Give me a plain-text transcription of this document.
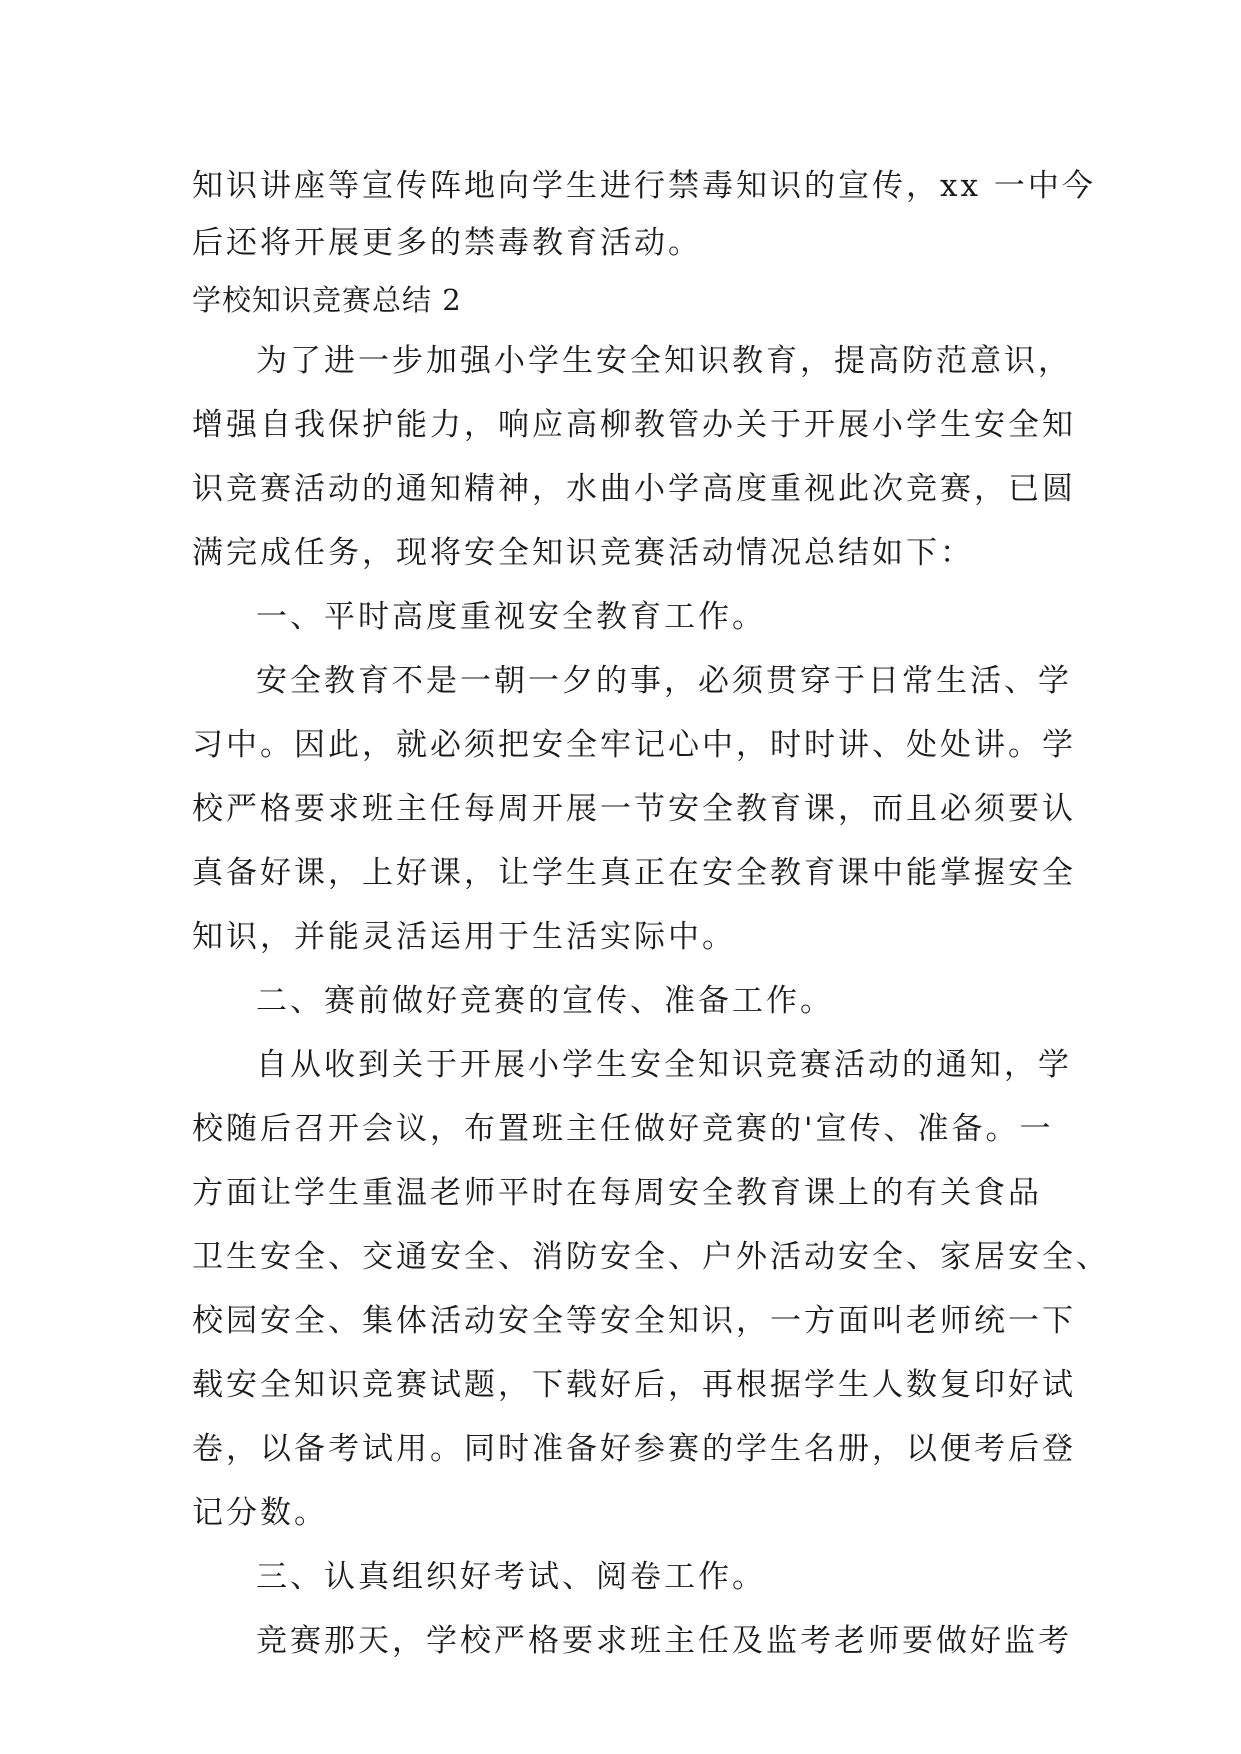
知识讲座等宣传阵地向学生进行禁毒知识的宣传，xx 一中今
后还将开展更多的禁毒教育活动。
学校知识竞赛总结 2
为了进一步加强小学生安全知识教育，提高防范意识，
增强自我保护能力，响应高柳教管办关于开展小学生安全知
识竞赛活动的通知精神，水曲小学高度重视此次竞赛，已圆
满完成任务，现将安全知识竞赛活动情况总结如下：
一、平时高度重视安全教育工作。
安全教育不是一朝一夕的事，必须贯穿于日常生活、学
习中。因此，就必须把安全牢记心中，时时讲、处处讲。学
校严格要求班主任每周开展一节安全教育课，而且必须要认
真备好课，上好课，让学生真正在安全教育课中能掌握安全
知识，并能灵活运用于生活实际中。
二、赛前做好竞赛的宣传、准备工作。
自从收到关于开展小学生安全知识竞赛活动的通知，学
校随后召开会议，布置班主任做好竞赛的'宣传、准备。一
方面让学生重温老师平时在每周安全教育课上的有关食品
卫生安全、交通安全、消防安全、户外活动安全、家居安全、
校园安全、集体活动安全等安全知识，一方面叫老师统一下
载安全知识竞赛试题，下载好后，再根据学生人数复印好试
卷，以备考试用。同时准备好参赛的学生名册，以便考后登
记分数。
三、认真组织好考试、阅卷工作。
竞赛那天，学校严格要求班主任及监考老师要做好监考
